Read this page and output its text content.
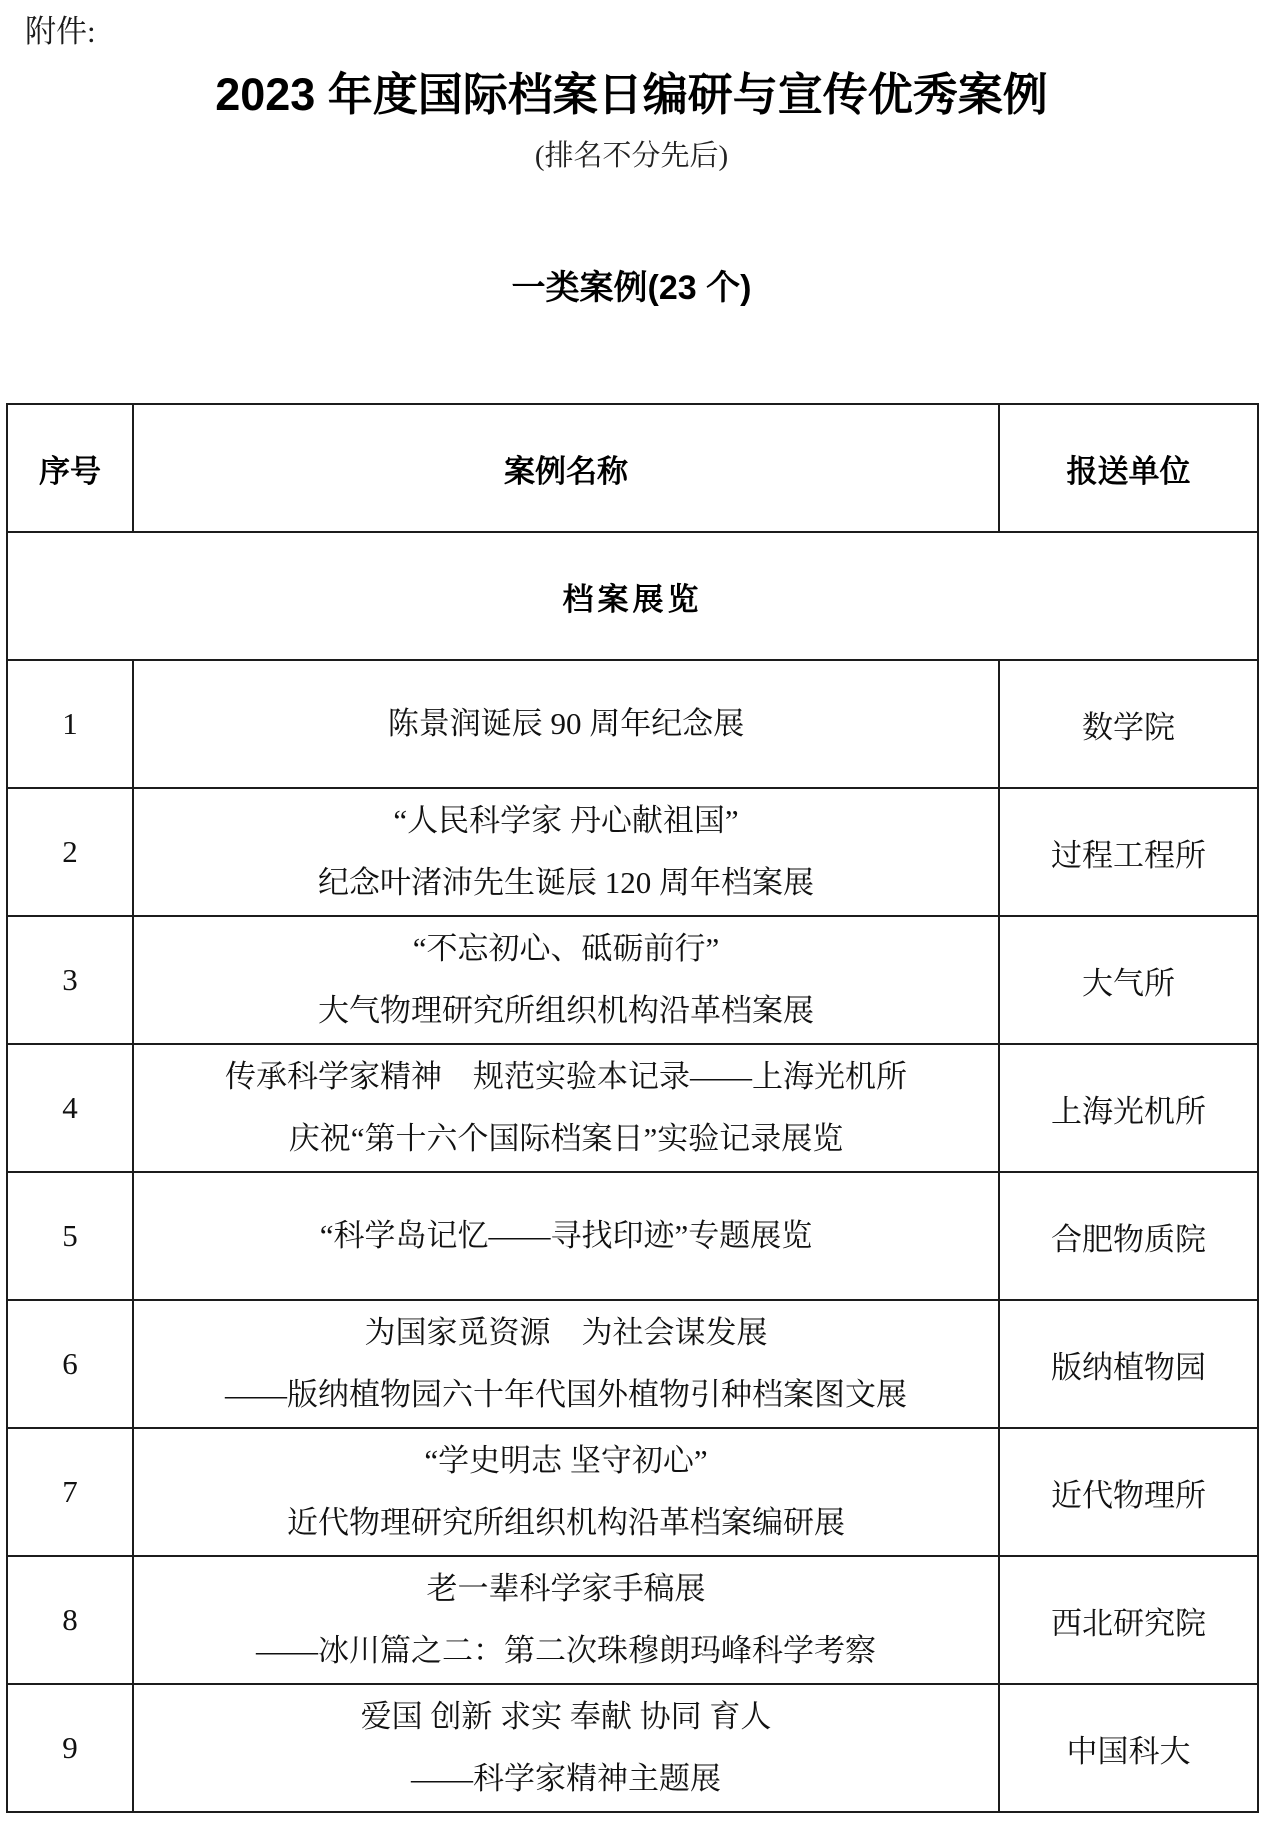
附件:
2023 年度国际档案日编研与宣传优秀案例
(排名不分先后)
一类案例(23 个)
序号	案例名称	报送单位
档案展览		
1	陈景润诞辰 90 周年纪念展	数学院
2	“人民科学家 丹心献祖国”
纪念叶渚沛先生诞辰 120 周年档案展	过程工程所
3	“不忘初心、砥砺前行”
大气物理研究所组织机构沿革档案展	大气所
4	传承科学家精神　规范实验本记录——上海光机所
庆祝“第十六个国际档案日”实验记录展览	上海光机所
5	“科学岛记忆——寻找印迹”专题展览	合肥物质院
6	为国家觅资源　为社会谋发展
——版纳植物园六十年代国外植物引种档案图文展	版纳植物园
7	“学史明志 坚守初心”
近代物理研究所组织机构沿革档案编研展	近代物理所
8	老一辈科学家手稿展
——冰川篇之二：第二次珠穆朗玛峰科学考察	西北研究院
9	爱国 创新 求实 奉献 协同 育人
——科学家精神主题展	中国科大
